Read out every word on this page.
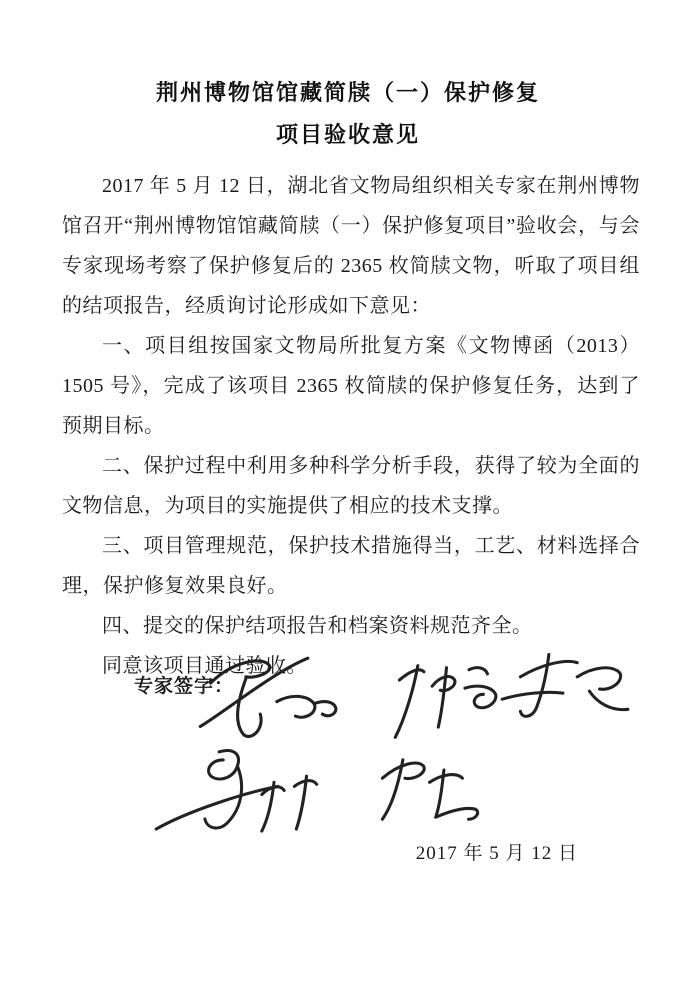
荆州博物馆馆藏简牍（一）保护修复
项目验收意见

2017 年 5 月 12 日，湖北省文物局组织相关专家在荆州博物馆召开“荆州博物馆馆藏简牍（一）保护修复项目”验收会，与会专家现场考察了保护修复后的 2365 枚简牍文物，听取了项目组的结项报告，经质询讨论形成如下意见：

一、项目组按国家文物局所批复方案《文物博函（2013）1505 号》，完成了该项目 2365 枚简牍的保护修复任务，达到了预期目标。

二、保护过程中利用多种科学分析手段，获得了较为全面的文物信息，为项目的实施提供了相应的技术支撑。

三、项目管理规范，保护技术措施得当，工艺、材料选择合理，保护修复效果良好。

四、提交的保护结项报告和档案资料规范齐全。

同意该项目通过验收。

专家签字：
2017 年 5 月 12 日
